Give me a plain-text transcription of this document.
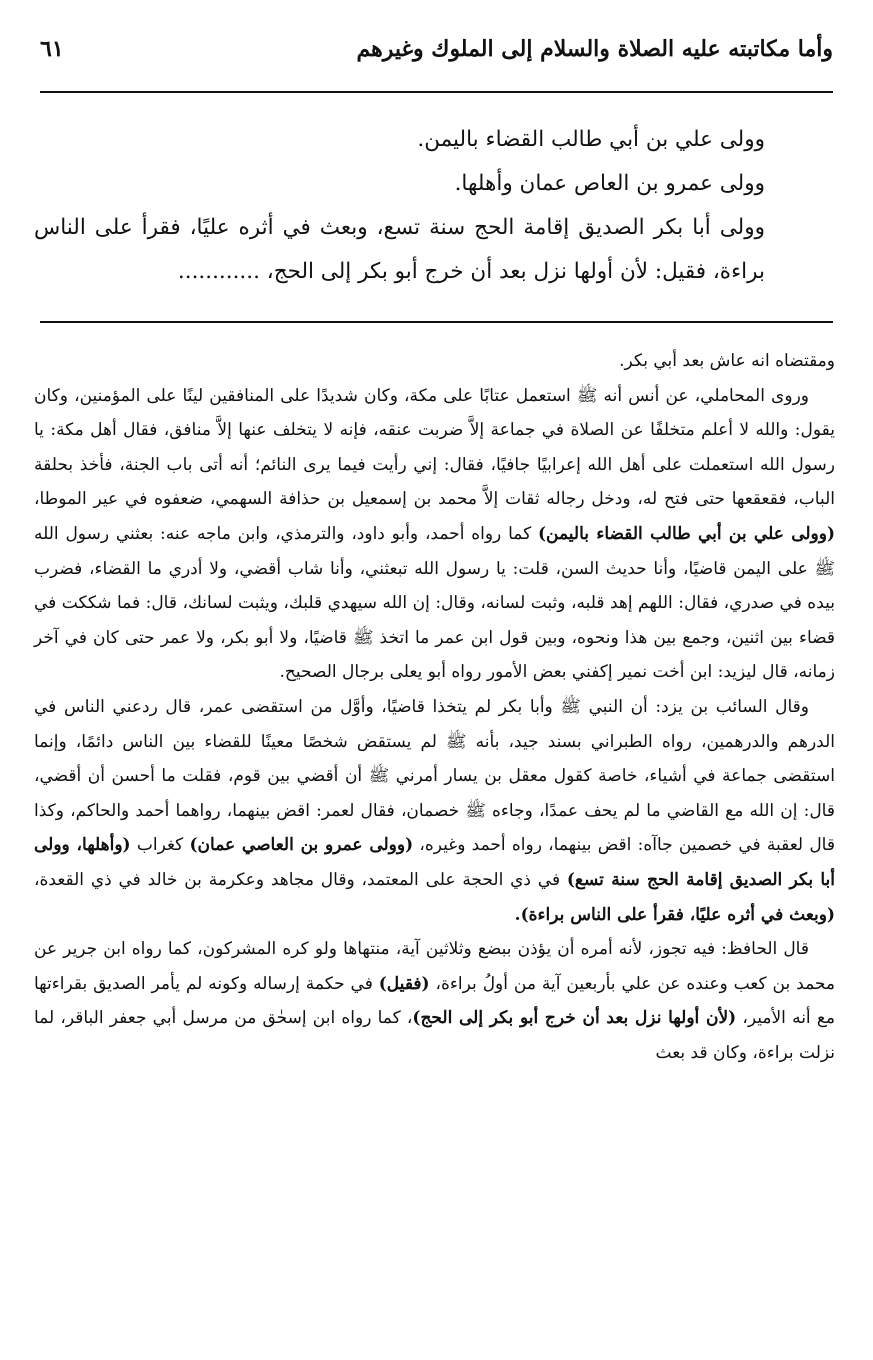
وأما مكاتبته عليه الصلاة والسلام إلى الملوك وغيرهم
٦١

وولى علي بن أبي طالب القضاء باليمن.

وولى عمرو بن العاص عمان وأهلها.

وولى أبا بكر الصديق إقامة الحج سنة تسع، وبعث في أثره عليًا، فقرأ على الناس براءة، فقيل: لأن أولها نزل بعد أن خرج أبو بكر إلى الحج، ............

ومقتضاه انه عاش بعد أبي بكر.

وروى المحاملي، عن أنس أنه ﷺ استعمل عتابًا على مكة، وكان شديدًا على المنافقين لينًا على المؤمنين، وكان يقول: والله لا أعلم متخلفًا عن الصلاة في جماعة إلاَّ ضربت عنقه، فإنه لا يتخلف عنها إلاَّ منافق، فقال أهل مكة: يا رسول الله استعملت على أهل الله إعرابيًا جافيًا، فقال: إني رأيت فيما يرى النائم؛ أنه أتى باب الجنة، فأخذ بحلقة الباب، فقعقعها حتى فتح له، ودخل رجاله ثقات إلاَّ محمد بن إسمعيل بن حذافة السهمي، ضعفوه في عير الموطا، (وولى علي بن أبي طالب القضاء باليمن) كما رواه أحمد، وأبو داود، والترمذي، وابن ماجه عنه: بعثني رسول الله ﷺ على اليمن قاضيًا، وأنا حديث السن، قلت: يا رسول الله تبعثني، وأنا شاب أقضي، ولا أدري ما القضاء، فضرب بيده في صدري، فقال: اللهم إهد قلبه، وثبت لسانه، وقال: إن الله سيهدي قلبك، ويثبت لسانك، قال: فما شككت في قضاء بين اثنين، وجمع بين هذا ونحوه، وبين قول ابن عمر ما اتخذ ﷺ قاضيًا، ولا أبو بكر، ولا عمر حتى كان في آخر زمانه، قال ليزيد: ابن أخت نمير إكفني بعض الأمور رواه أبو يعلى برجال الصحيح.

وقال السائب بن يزد: أن النبي ﷺ وأبا بكر لم يتخذا قاضيًا، وأوَّل من استقضى عمر، قال ردعني الناس في الدرهم والدرهمين، رواه الطبراني بسند جيد، بأنه ﷺ لم يستقض شخصًا معينًا للقضاء بين الناس دائمًا، وإنما استقضى جماعة في أشياء، خاصة كقول معقل بن يسار أمرني ﷺ أن أقضي بين قوم، فقلت ما أحسن أن أقضي، قال: إن الله مع القاضي ما لم يحف عمدًا، وجاءه ﷺ خصمان، فقال لعمر: اقض بينهما، رواهما أحمد والحاكم، وكذا قال لعقبة في خصمين جاآه: اقض بينهما، رواه أحمد وغيره، (وولى عمرو بن العاصي عمان) كغراب (وأهلها، وولى أبا بكر الصديق إقامة الحج سنة تسع) في ذي الحجة على المعتمد، وقال مجاهد وعكرمة بن خالد في ذي القعدة، (وبعث في أثره عليًا، فقرأ على الناس براءة).

قال الحافظ: فيه تجوز، لأنه أمره أن يؤذن ببضع وثلاثين آية، منتهاها ولو كره المشركون، كما رواه ابن جرير عن محمد بن كعب وعنده عن علي بأربعين آية من أولُ براءة، (فقيل) في حكمة إرساله وكونه لم يأمر الصديق بقراءتها مع أنه الأمير، (لأن أولها نزل بعد أن خرج أبو بكر إلى الحج)، كما رواه ابن إسحٰق من مرسل أبي جعفر الباقر، لما نزلت براءة، وكان قد بعث
